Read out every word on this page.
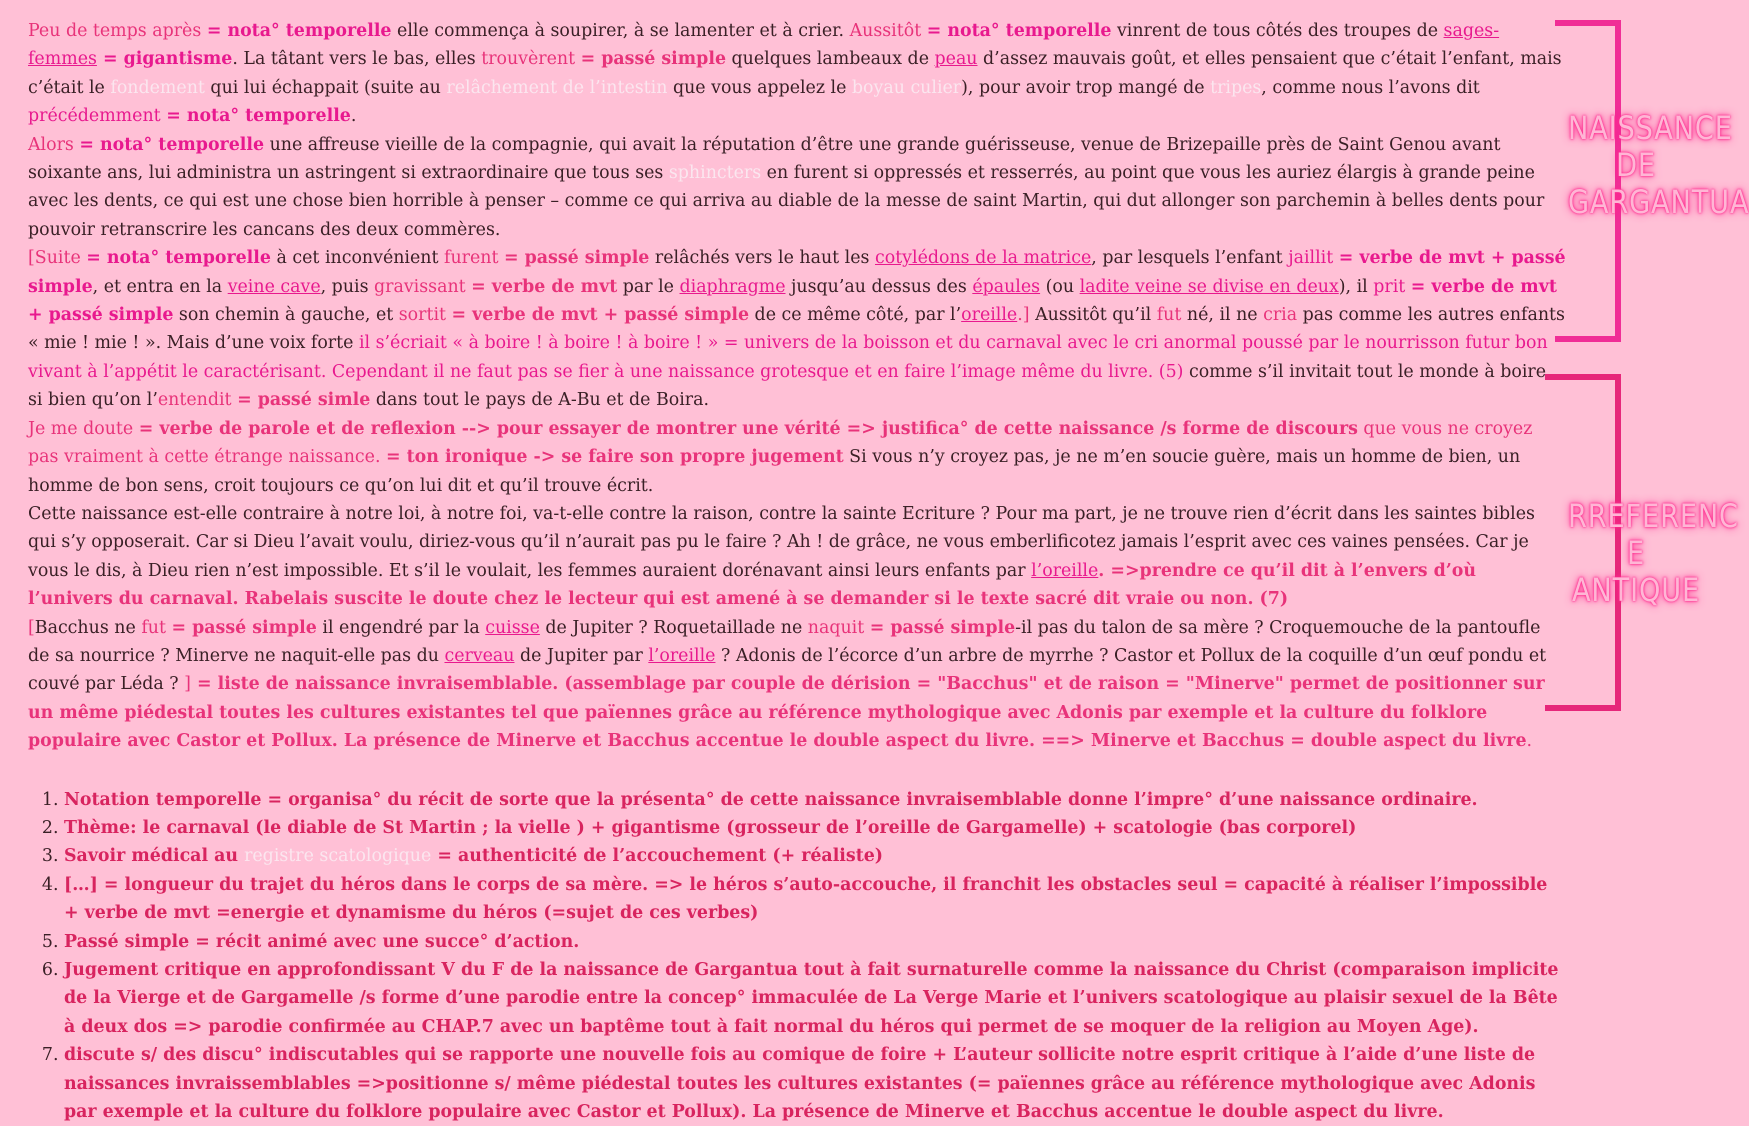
Peu de temps après = nota° temporelle elle commença à soupirer, à se lamenter et à crier. Aussitôt = nota° temporelle vinrent de tous côtés des troupes de sages-femmes = gigantisme. La tâtant vers le bas, elles trouvèrent = passé simple quelques lambeaux de peau d’assez mauvais goût, et elles pensaient que c’était l’enfant, mais c’était le fondement qui lui échappait (suite au relâchement de l’intestin que vous appelez le boyau culier), pour avoir trop mangé de tripes, comme nous l’avons dit précédemment = nota° temporelle.

Alors = nota° temporelle une affreuse vieille de la compagnie, qui avait la réputation d’être une grande guérisseuse, venue de Brizepaille près de Saint Genou avant soixante ans, lui administra un astringent si extraordinaire que tous ses sphincters en furent si oppressés et resserrés, au point que vous les auriez élargis à grande peine avec les dents, ce qui est une chose bien horrible à penser – comme ce qui arriva au diable de la messe de saint Martin, qui dut allonger son parchemin à belles dents pour pouvoir retranscrire les cancans des deux commères.

[Suite = nota° temporelle à cet inconvénient furent = passé simple relâchés vers le haut les cotylédons de la matrice, par lesquels l’enfant jaillit = verbe de mvt + passé simple, et entra en la veine cave, puis gravissant = verbe de mvt par le diaphragme jusqu’au dessus des épaules (ou ladite veine se divise en deux), il prit = verbe de mvt + passé simple son chemin à gauche, et sortit = verbe de mvt + passé simple de ce même côté, par l’oreille.] Aussitôt qu’il fut né, il ne cria pas comme les autres enfants « mie ! mie ! ». Mais d’une voix forte il s’écriait « à boire ! à boire ! à boire ! » = univers de la boisson et du carnaval avec le cri anormal poussé par le nourrisson futur bon vivant à l’appétit le caractérisant. Cependant il ne faut pas se fier à une naissance grotesque et en faire l’image même du livre. (5) comme s’il invitait tout le monde à boire, si bien qu’on l’entendit = passé simle dans tout le pays de A-Bu et de Boira.

Je me doute = verbe de parole et de reflexion --> pour essayer de montrer une vérité => justifica° de cette naissance /s forme de discours que vous ne croyez pas vraiment à cette étrange naissance. = ton ironique -> se faire son propre jugement Si vous n’y croyez pas, je ne m’en soucie guère, mais un homme de bien, un homme de bon sens, croit toujours ce qu’on lui dit et qu’il trouve écrit.

Cette naissance est-elle contraire à notre loi, à notre foi, va-t-elle contre la raison, contre la sainte Ecriture ? Pour ma part, je ne trouve rien d’écrit dans les saintes bibles qui s’y opposerait. Car si Dieu l’avait voulu, diriez-vous qu’il n’aurait pas pu le faire ? Ah ! de grâce, ne vous emberlificotez jamais l’esprit avec ces vaines pensées. Car je vous le dis, à Dieu rien n’est impossible. Et s’il le voulait, les femmes auraient dorénavant ainsi leurs enfants par l’oreille. =>prendre ce qu’il dit à l’envers d’où l’univers du carnaval. Rabelais suscite le doute chez le lecteur qui est amené à se demander si le texte sacré dit vraie ou non. (7)

[Bacchus ne fut = passé simple il engendré par la cuisse de Jupiter ? Roquetaillade ne naquit = passé simple-il pas du talon de sa mère ? Croquemouche de la pantoufle de sa nourrice ? Minerve ne naquit-elle pas du cerveau de Jupiter par l’oreille ? Adonis de l’écorce d’un arbre de myrrhe ? Castor et Pollux de la coquille d’un œuf pondu et couvé par Léda ? ] = liste de naissance invraisemblable. (assemblage par couple de dérision = "Bacchus" et de raison = "Minerve" permet de positionner sur un même piédestal toutes les cultures existantes tel que païennes grâce au référence mythologique avec Adonis par exemple et la culture du folklore populaire avec Castor et Pollux. La présence de Minerve et Bacchus accentue le double aspect du livre. ==> Minerve et Bacchus = double aspect du livre.

1. Notation temporelle = organisa° du récit de sorte que la présenta° de cette naissance invraisemblable donne l’impre° d’une naissance ordinaire.
2. Thème: le carnaval (le diable de St Martin ; la vielle ) + gigantisme (grosseur de l’oreille de Gargamelle) + scatologie (bas corporel)
3. Savoir médical au registre scatologique = authenticité de l’accouchement (+ réaliste)
4. […] = longueur du trajet du héros dans le corps de sa mère. => le héros s’auto-accouche, il franchit les obstacles seul = capacité à réaliser l’impossible + verbe de mvt =energie et dynamisme du héros (=sujet de ces verbes)
5. Passé simple = récit animé avec une succe° d’action.
6. Jugement critique en approfondissant V du F de la naissance de Gargantua tout à fait surnaturelle comme la naissance du Christ (comparaison implicite de la Vierge et de Gargamelle /s forme d’une parodie entre la concep° immaculée de La Verge Marie et l’univers scatologique au plaisir sexuel de la Bête à deux dos => parodie confirmée au CHAP.7 avec un baptême tout à fait normal du héros qui permet de se moquer de la religion au Moyen Age).
7. discute s/ des discu° indiscutables qui se rapporte une nouvelle fois au comique de foire + L’auteur sollicite notre esprit critique à l’aide d’une liste de naissances invraissemblables =>positionne s/ même piédestal toutes les cultures existantes (= païennes grâce au référence mythologique avec Adonis par exemple et la culture du folklore populaire avec Castor et Pollux). La présence de Minerve et Bacchus accentue le double aspect du livre.
NAISSANCE
DE
GARGANTUA
RREFERENC
E ANTIQUE
